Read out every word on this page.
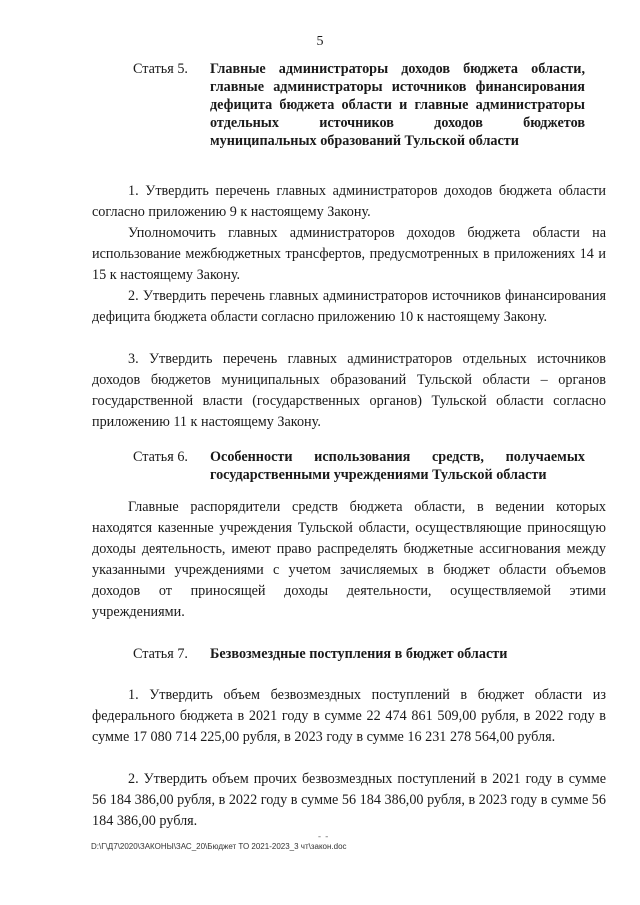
5
Статья 5.	Главные администраторы доходов бюджета области, главные администраторы источников финансирования дефицита бюджета области и главные администраторы отдельных источников доходов бюджетов муниципальных образований Тульской области

1. Утвердить перечень главных администраторов доходов бюджета области согласно приложению 9 к настоящему Закону.

Уполномочить главных администраторов доходов бюджета области на использование межбюджетных трансфертов, предусмотренных в приложениях 14 и 15 к настоящему Закону.

2. Утвердить перечень главных администраторов источников финансирования дефицита бюджета области согласно приложению 10 к настоящему Закону.

3. Утвердить перечень главных администраторов отдельных источников доходов бюджетов муниципальных образований Тульской области – органов государственной власти (государственных органов) Тульской области согласно приложению 11 к настоящему Закону.

Статья 6.	Особенности использования средств, получаемых государственными учреждениями Тульской области

Главные распорядители средств бюджета области, в ведении которых находятся казенные учреждения Тульской области, осуществляющие приносящую доходы деятельность, имеют право распределять бюджетные ассигнования между указанными учреждениями с учетом зачисляемых в бюджет области объемов доходов от приносящей доходы деятельности, осуществляемой этими учреждениями.

Статья 7.	Безвозмездные поступления в бюджет области

1. Утвердить объем безвозмездных поступлений в бюджет области из федерального бюджета в 2021 году в сумме 22 474 861 509,00 рубля, в 2022 году в сумме 17 080 714 225,00 рубля, в 2023 году в сумме 16 231 278 564,00 рубля.

2. Утвердить объем прочих безвозмездных поступлений в 2021 году в сумме 56 184 386,00 рубля, в 2022 году в сумме 56 184 386,00 рубля, в 2023 году в сумме 56 184 386,00 рубля.

- -
D:\Г\Д7\2020\ЗАКОНЫ\ЗАС_20\Бюджет ТО 2021-2023_3 чт\закон.doc
